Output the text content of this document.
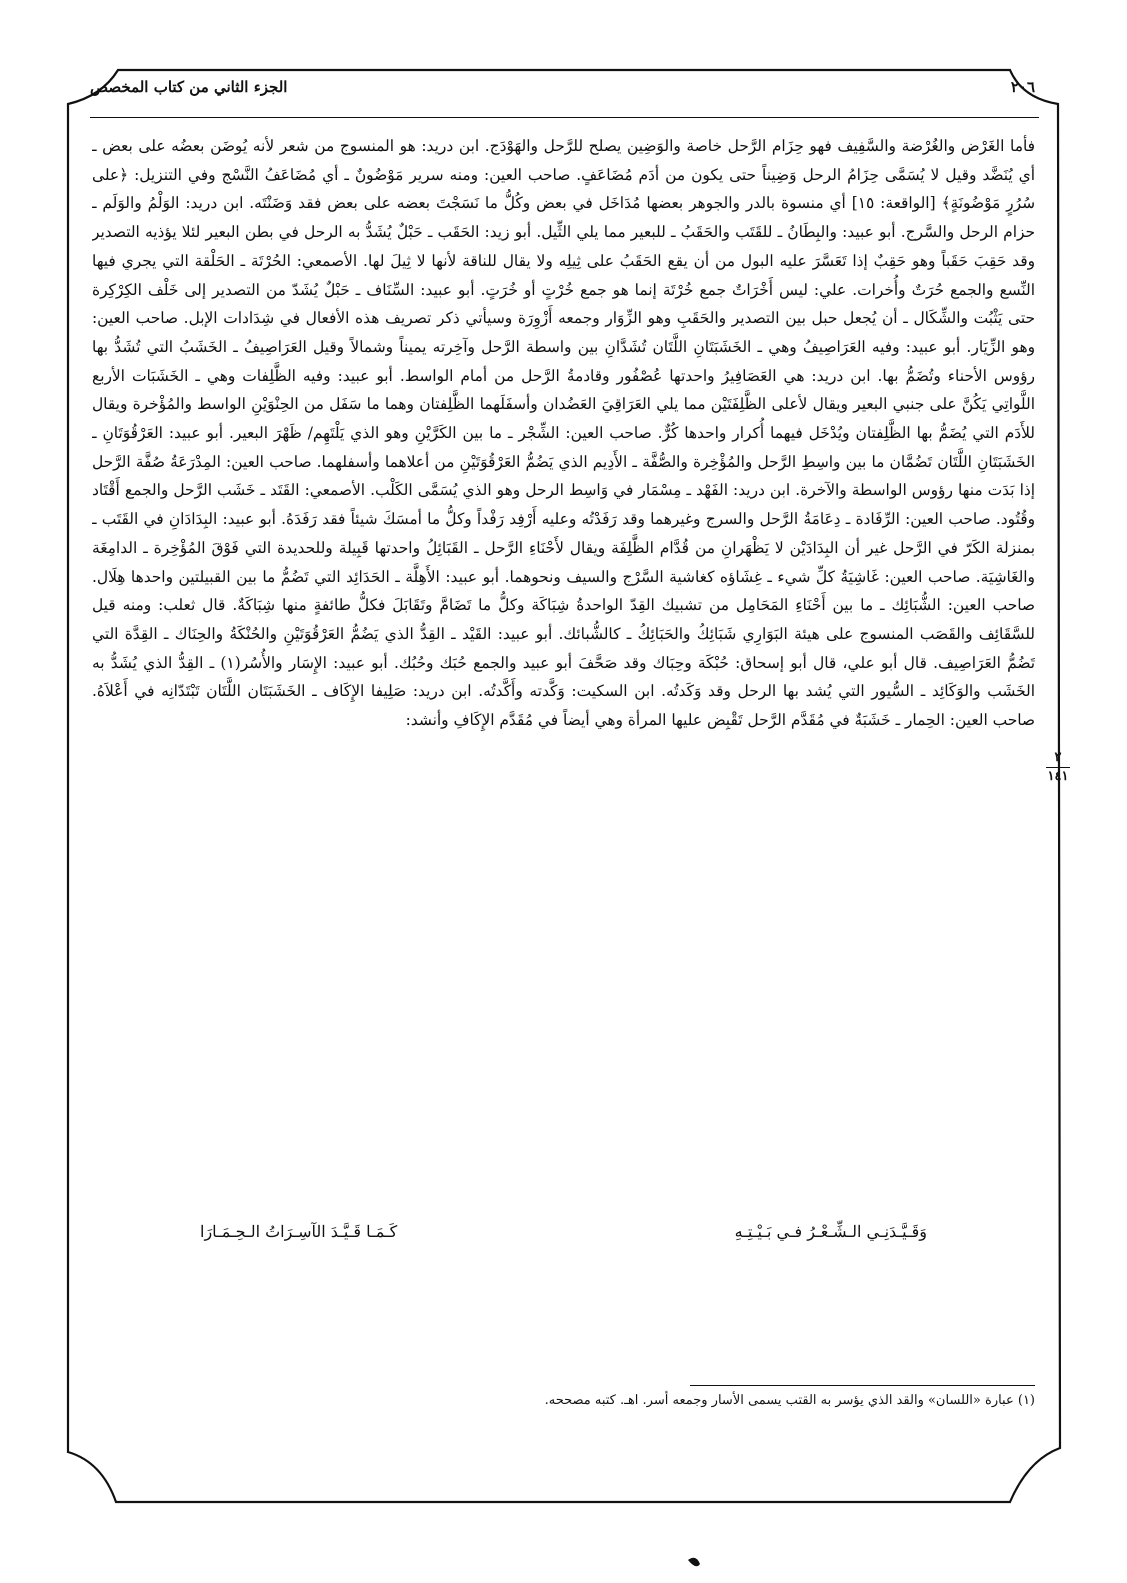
الجزء الثاني من كتاب المخصص	٢٠٦

فأما الغَرْض والغُرْضة والسَّفِيف فهو حِزَام الرَّحل خاصة والوَضِين يصلح للرَّحل والهَوْدَج. ابن دريد: هو المنسوج من شعر لأنه يُوضَن بعضُه على بعض ـ أي يُنَضَّد وقيل لا يُسَمَّى حِزَامُ الرحل وَضِيناً حتى يكون من أدَم مُضَاعَفٍ. صاحب العين: ومنه سرير مَوْضُونٌ ـ أي مُضَاعَفُ النَّسْج وفي التنزيل: ﴿على سُرُرٍ مَوْضُونَةٍ﴾ [الواقعة: ١٥] أي منسوة بالدر والجوهر بعضها مُدَاخَل في بعض وكُلُّ ما نَسَجْتَ بعضه على بعض فقد وَضَنْتَه. ابن دريد: الوَلْمُ والوَلَم ـ حزام الرحل والسَّرج. أبو عبيد: والبِطَانُ ـ للقَتَب والحَقَبُ ـ للبعير مما يلي الثِّيل. أبو زيد: الحَقَب ـ حَبْلٌ يُشَدُّ به الرحل في بطن البعير لئلا يؤذيه التصدير وقد حَقِبَ حَقَباً وهو حَقِبٌ إذا تَعَسَّرَ عليه البول من أن يقع الحَقَبُ على ثِيلِه ولا يقال للناقة لأنها لا ثِيلَ لها. الأصمعي: الحُرْتَة ـ الحَلْقة التي يجري فيها النِّسع والجمع حُرَتٌ وأُخرات. علي: ليس أَخْرَاتٌ جمع خُرْتَة إنما هو جمع خُرْتٍ أو خُرَتٍ. أبو عبيد: السِّنَاف ـ حَبْلٌ يُشَدّ من التصدير إلى خَلْف الكِرْكِرة حتى يَثْبُت والشِّكَال ـ أن يُجعل حبل بين التصدير والحَقَبِ وهو الزِّوَار وجمعه أَزْوِرَة وسيأتي ذكر تصريف هذه الأفعال في شِدَادات الإبل. صاحب العين: وهو الزِّيَار. أبو عبيد: وفيه العَرَاصِيفُ وهي ـ الخَشَبَتَانِ اللَّتَان تُشَدَّانِ بين واسطة الرَّحل وآخِرته يميناً وشمالاً وقيل العَرَاصِيفُ ـ الخَشَبُ التي تُشَدُّ بها رؤوس الأحناء وتُضَمُّ بها. ابن دريد: هي العَصَافِيرُ واحدتها عُصْفُور وقادمةُ الرَّحل من أمام الواسط. أبو عبيد: وفيه الظَّلِفات وهي ـ الخَشَبَات الأربع اللَّواتِي يَكُنَّ على جنبي البعير ويقال لأعلى الظَّلِفَتَيْن مما يلي العَرَاقِيَ العَضُدان وأسفَلَهما الظَّلِفتان وهما ما سَفَل من الحِنْوَيْنِ الواسط والمُؤْخرة ويقال للأَدَم التي يُضَمُّ بها الظَّلِفتان ويُدْخَل فيهما أُكرار واحدها كُرٌّ. صاحب العين: الشِّجْر ـ ما بين الكَرَّيْنِ وهو الذي يَلْتَهِم/ ظَهْرَ البعير. أبو عبيد: العَرْقُوَتَانِ ـ الخَشَبَتَانِ اللَّتَان تَضُمَّان ما بين واسِطِ الرَّحل والمُؤْخِرة والصُّفَّة ـ الأَدِيم الذي يَضُمُّ العَرْقُوَتَيْنِ من أعلاهما وأسفلهما. صاحب العين: المِدْرَعَةُ صُفَّة الرَّحل إذا بَدَت منها رؤوس الواسطة والآخرة. ابن دريد: الفَهْد ـ مِسْمَار في وَاسِط الرحل وهو الذي يُسَمَّى الكَلْب. الأصمعي: القَتَد ـ خَشَب الرَّحل والجمع أَقْتَاد وقُتُود. صاحب العين: الرِّفَادة ـ دِعَامَةُ الرَّحل والسرج وغيرهما وقد رَفَدْتُه وعليه أَرْفِد رَفْداً وكلُّ ما أمسَكَ شيئاً فقد رَفَدَهُ. أبو عبيد: البِدَادَانِ في القَتَب ـ بمنزلة الكَرّ في الرَّحل غير أن البِدَادَيْن لا يَظْهَرانِ من قُدَّام الظَّلِفَة ويقال لأَحْنَاءِ الرَّحل ـ القَبَائِلُ واحدتها قَبِيلة وللحديدة التي فَوْقَ المُؤْخِرة ـ الدامِغَة والغَاشِيَة. صاحب العين: غَاشِيَةُ كلِّ شيء ـ غِشَاؤه كغاشية السَّرْج والسيف ونحوهما. أبو عبيد: الأَهِلَّة ـ الحَدَائِد التي تَضُمُّ ما بين القبيلتين واحدها هِلَال. صاحب العين: الشُّبَائِك ـ ما بين أَحْنَاءِ المَحَامِل من تشبيك القِدّ الواحدةُ شِبَاكَة وكلُّ ما تَضَامَّ وتَقَابَلَ فكلُّ طائفةٍ منها شِبَاكَةٌ. قال ثعلب: ومنه قيل للسَّقَائِف والقَصَب المنسوج على هيئة البَوَارِي شَبَائِكُ والحَبَائِكُ ـ كالشُّبائك. أبو عبيد: القَيْد ـ القِدُّ الذي يَضُمُّ العَرْقُوَتَيْنِ والحُنْكَةُ والحِنَاك ـ القِدَّة التي تَضُمُّ العَرَاصِيف. قال أبو علي، قال أبو إسحاق: حُبْكَة وحِبَاك وقد صَحَّفَ أبو عبيد والجمع حُبَك وحُبُك. أبو عبيد: الإِسَار والأُسُر(١) ـ القِدُّ الذي يُشَدُّ به الخَشَب والوَكَائِد ـ السُّيور التي يُشد بها الرحل وقد وَكَدتُه. ابن السكيت: وَكَّدته وأَكَّدتُه. ابن دريد: صَلِيفا الإِكَاف ـ الخَشَبَتَان اللَّتَان تَبْتَدّانِه في أَعْلاَهُ. صاحب العين: الحِمار ـ خَشَبَةٌ في مُقَدَّم الرَّحل تَقْبِض عليها المرأة وهي أيضاً في مُقَدَّم الإِكَافِ وأنشد:

٢
١٤١
وَقَـيَّـدَنِـي الـشِّـعْـرُ فـي بَـيْـتِـهِ
كَـمَـا قَـيَّـدَ الآسِـرَاتُ الـحِـمَـارَا
(١) عبارة «اللسان» والقد الذي يؤسر به القتب يسمى الأسار وجمعه أسر. اهـ. كتبه مصححه.
